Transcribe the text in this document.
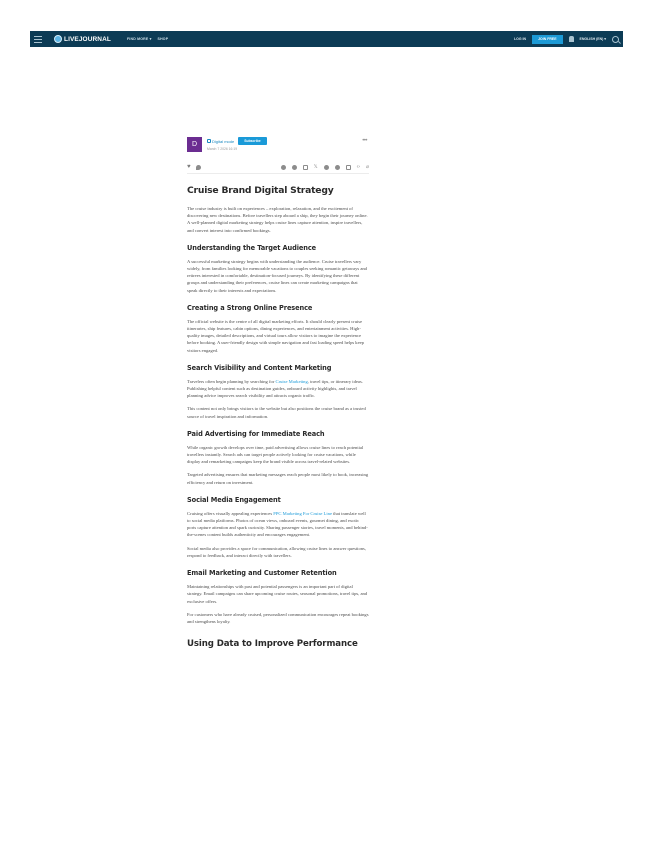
LIVEJOURNAL	FIND MORE ▾ SHOP	LOG IN	JOIN FREE	ENGLISH (EN) ▾
D	Digital mode	Subscribe
March 7 2026 16:19
•••
♥	𝕏	‹› ⌀
Cruise Brand Digital Strategy

The cruise industry is built on experiences – exploration, relaxation, and the excitement of discovering new destinations. Before travellers step aboard a ship, they begin their journey online. A well-planned digital marketing strategy helps cruise lines capture attention, inspire travellers, and convert interest into confirmed bookings.

Understanding the Target Audience

A successful marketing strategy begins with understanding the audience. Cruise travellers vary widely, from families looking for memorable vacations to couples seeking romantic getaways and retirees interested in comfortable, destination-focused journeys. By identifying these different groups and understanding their preferences, cruise lines can create marketing campaigns that speak directly to their interests and expectations.

Creating a Strong Online Presence

The official website is the centre of all digital marketing efforts. It should clearly present cruise itineraries, ship features, cabin options, dining experiences, and entertainment activities. High-quality images, detailed descriptions, and virtual tours allow visitors to imagine the experience before booking. A user-friendly design with simple navigation and fast loading speed helps keep visitors engaged.

Search Visibility and Content Marketing

Travelers often begin planning by searching for Cruise Marketing, travel tips, or itinerary ideas. Publishing helpful content such as destination guides, onboard activity highlights, and travel planning advice improves search visibility and attracts organic traffic.

This content not only brings visitors to the website but also positions the cruise brand as a trusted source of travel inspiration and information.

Paid Advertising for Immediate Reach

While organic growth develops over time, paid advertising allows cruise lines to reach potential travellers instantly. Search ads can target people actively looking for cruise vacations, while display and remarketing campaigns keep the brand visible across travel-related websites.

Targeted advertising ensures that marketing messages reach people most likely to book, increasing efficiency and return on investment.

Social Media Engagement

Cruising offers visually appealing experiences PPC Marketing For Cruise Line that translate well to social media platforms. Photos of ocean views, onboard events, gourmet dining, and exotic ports capture attention and spark curiosity. Sharing passenger stories, travel moments, and behind-the-scenes content builds authenticity and encourages engagement.

Social media also provides a space for communication, allowing cruise lines to answer questions, respond to feedback, and interact directly with travellers.

Email Marketing and Customer Retention

Maintaining relationships with past and potential passengers is an important part of digital strategy. Email campaigns can share upcoming cruise routes, seasonal promotions, travel tips, and exclusive offers.

For customers who have already cruised, personalized communication encourages repeat bookings and strengthens loyalty.

Using Data to Improve Performance
